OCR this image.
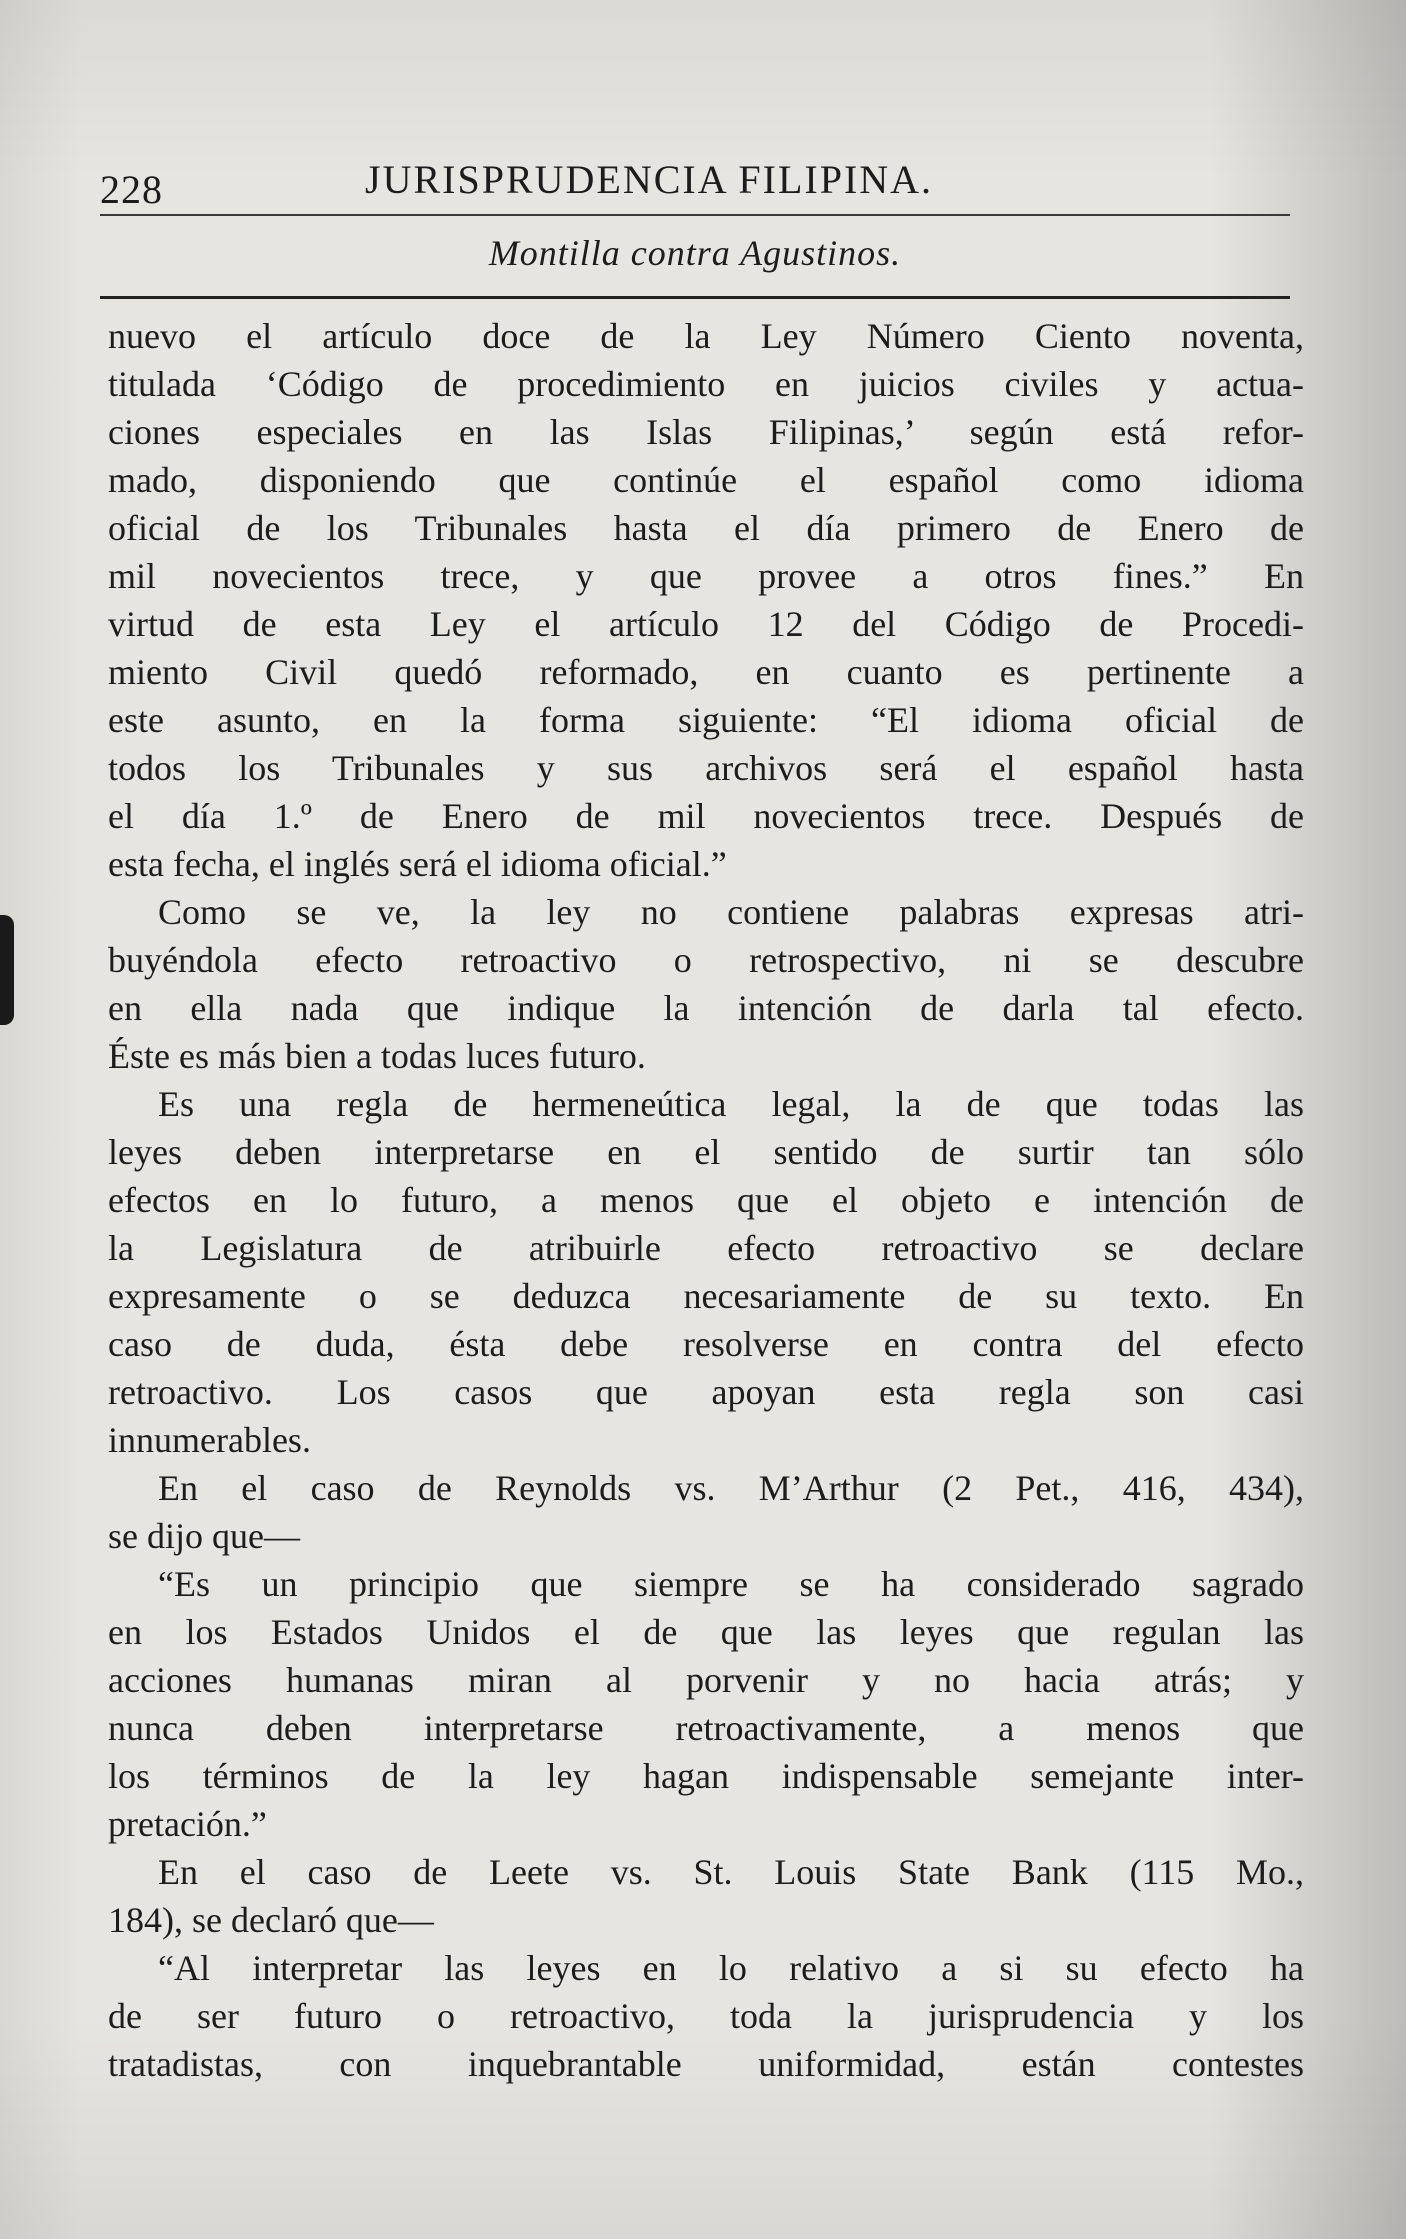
228	JURISPRUDENCIA FILIPINA.
Montilla contra Agustinos.
nuevo el artículo doce de la Ley Número Ciento noventa,
titulada ‘Código de procedimiento en juicios civiles y actua-
ciones especiales en las Islas Filipinas,’ según está refor-
mado, disponiendo que continúe el español como idioma
oficial de los Tribunales hasta el día primero de Enero de
mil novecientos trece, y que provee a otros fines.” En
virtud de esta Ley el artículo 12 del Código de Procedi-
miento Civil quedó reformado, en cuanto es pertinente a
este asunto, en la forma siguiente: “El idioma oficial de
todos los Tribunales y sus archivos será el español hasta
el día 1.º de Enero de mil novecientos trece. Después de
esta fecha, el inglés será el idioma oficial.”
Como se ve, la ley no contiene palabras expresas atri-
buyéndola efecto retroactivo o retrospectivo, ni se descubre
en ella nada que indique la intención de darla tal efecto.
Éste es más bien a todas luces futuro.
Es una regla de hermeneútica legal, la de que todas las
leyes deben interpretarse en el sentido de surtir tan sólo
efectos en lo futuro, a menos que el objeto e intención de
la Legislatura de atribuirle efecto retroactivo se declare
expresamente o se deduzca necesariamente de su texto. En
caso de duda, ésta debe resolverse en contra del efecto
retroactivo. Los casos que apoyan esta regla son casi
innumerables.
En el caso de Reynolds vs. M’Arthur (2 Pet., 416, 434),
se dijo que—
“Es un principio que siempre se ha considerado sagrado
en los Estados Unidos el de que las leyes que regulan las
acciones humanas miran al porvenir y no hacia atrás; y
nunca deben interpretarse retroactivamente, a menos que
los términos de la ley hagan indispensable semejante inter-
pretación.”
En el caso de Leete vs. St. Louis State Bank (115 Mo.,
184), se declaró que—
“Al interpretar las leyes en lo relativo a si su efecto ha
de ser futuro o retroactivo, toda la jurisprudencia y los
tratadistas, con inquebrantable uniformidad, están contestes
